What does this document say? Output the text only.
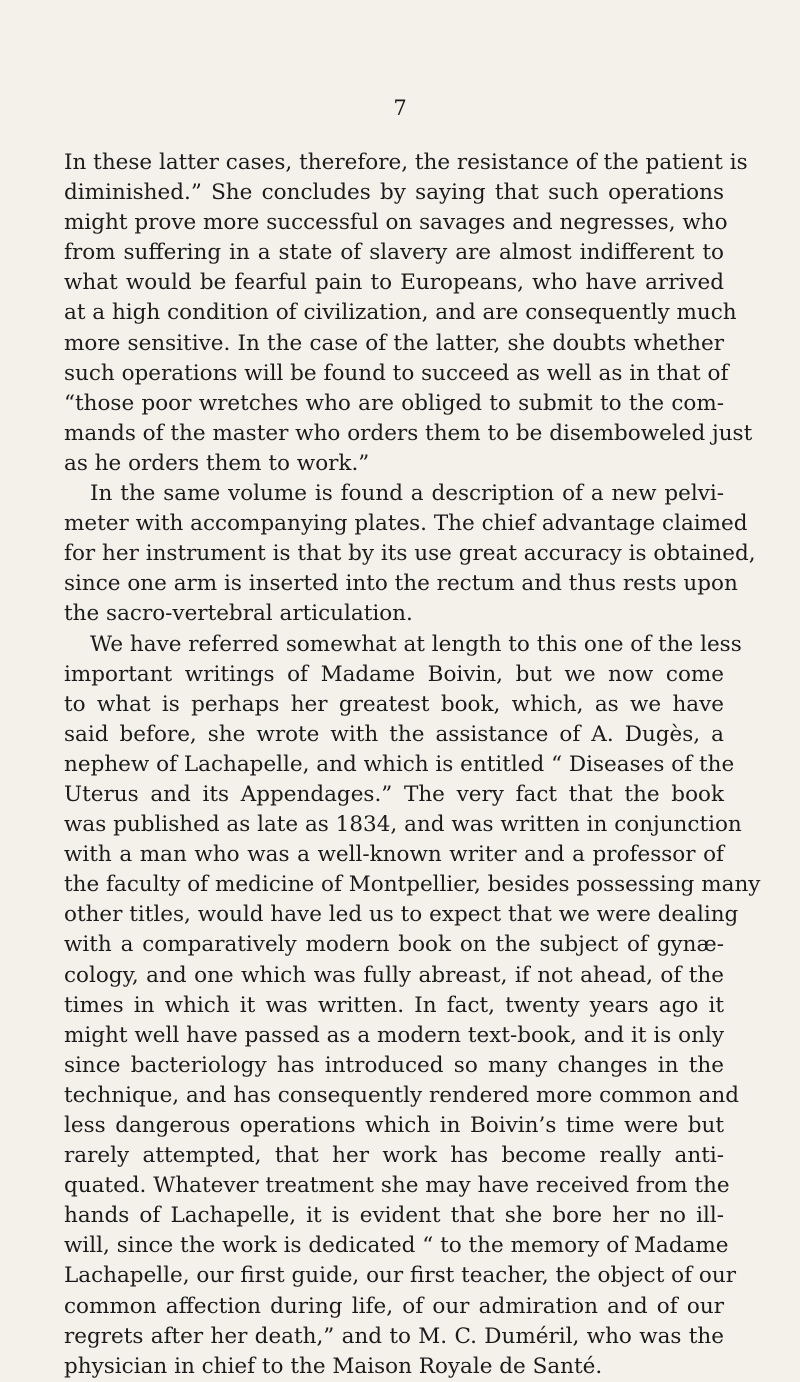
7
In these latter cases, therefore, the resistance of the patient is
diminished.” She concludes by saying that such operations
might prove more successful on savages and negresses, who
from suffering in a state of slavery are almost indifferent to
what would be fearful pain to Europeans, who have arrived
at a high condition of civilization, and are consequently much
more sensitive. In the case of the latter, she doubts whether
such operations will be found to succeed as well as in that of
“those poor wretches who are obliged to submit to the com-
mands of the master who orders them to be disemboweled just
as he orders them to work.”
In the same volume is found a description of a new pelvi-
meter with accompanying plates. The chief advantage claimed
for her instrument is that by its use great accuracy is obtained,
since one arm is inserted into the rectum and thus rests upon
the sacro-vertebral articulation.
We have referred somewhat at length to this one of the less
important writings of Madame Boivin, but we now come
to what is perhaps her greatest book, which, as we have
said before, she wrote with the assistance of A. Dugès, a
nephew of Lachapelle, and which is entitled “ Diseases of the
Uterus and its Appendages.” The very fact that the book
was published as late as 1834, and was written in conjunction
with a man who was a well-known writer and a professor of
the faculty of medicine of Montpellier, besides possessing many
other titles, would have led us to expect that we were dealing
with a comparatively modern book on the subject of gynæ-
cology, and one which was fully abreast, if not ahead, of the
times in which it was written. In fact, twenty years ago it
might well have passed as a modern text-book, and it is only
since bacteriology has introduced so many changes in the
technique, and has consequently rendered more common and
less dangerous operations which in Boivin’s time were but
rarely attempted, that her work has become really anti-
quated. Whatever treatment she may have received from the
hands of Lachapelle, it is evident that she bore her no ill-
will, since the work is dedicated “ to the memory of Madame
Lachapelle, our first guide, our first teacher, the object of our
common affection during life, of our admiration and of our
regrets after her death,” and to M. C. Duméril, who was the
physician in chief to the Maison Royale de Santé.
